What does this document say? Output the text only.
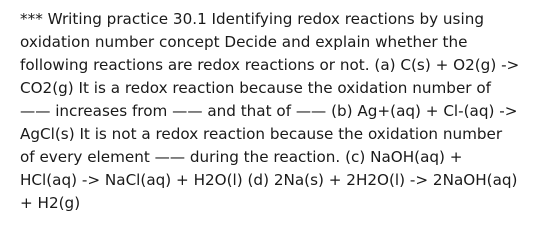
*** Writing practice 30.1 Identifying redox reactions by using
oxidation number concept Decide and explain whether the
following reactions are redox reactions or not. (a) C(s) + O2(g) ->
CO2(g) It is a redox reaction because the oxidation number of
—— increases from —— and that of —— (b) Ag+(aq) + Cl-(aq) ->
AgCl(s) It is not a redox reaction because the oxidation number
of every element —— during the reaction. (c) NaOH(aq) +
HCl(aq) -> NaCl(aq) + H2O(l) (d) 2Na(s) + 2H2O(l) -> 2NaOH(aq)
+ H2(g)
